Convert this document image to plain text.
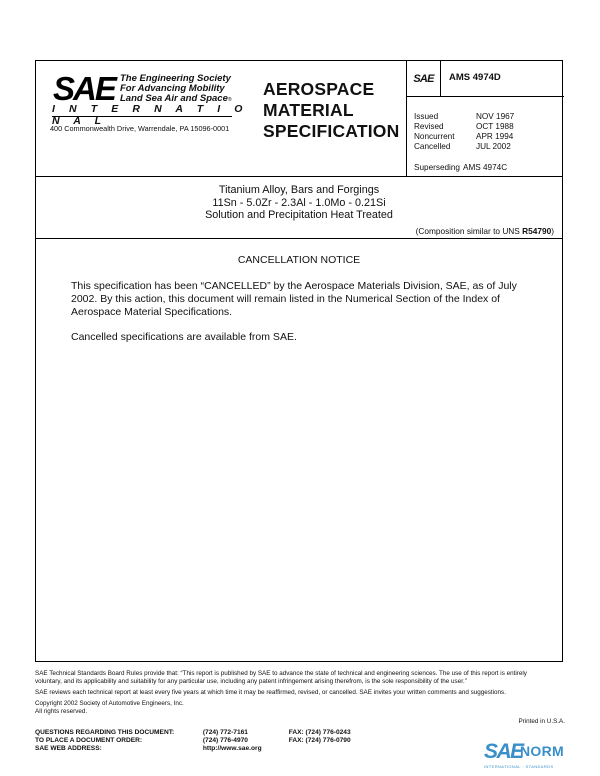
SAE The Engineering Society
For Advancing Mobility
Land Sea Air and Space®
I N T E R N A T I O N A L
400 Commonwealth Drive, Warrendale, PA 15096-0001
AEROSPACE
MATERIAL
SPECIFICATION
SAE	AMS 4974D
Issued	NOV 1967
Revised	OCT 1988
Noncurrent	APR 1994
Cancelled	JUL 2002
Superseding AMS 4974C
Titanium Alloy, Bars and Forgings
11Sn - 5.0Zr - 2.3Al - 1.0Mo - 0.21Si
Solution and Precipitation Heat Treated
(Composition similar to UNS R54790)
CANCELLATION NOTICE
This specification has been “CANCELLED” by the Aerospace Materials Division, SAE, as of July 2002. By this action, this document will remain listed in the Numerical Section of the Index of Aerospace Material Specifications.
Cancelled specifications are available from SAE.
SAE Technical Standards Board Rules provide that: “This report is published by SAE to advance the state of technical and engineering sciences. The use of this report is entirely
voluntary, and its applicability and suitability for any particular use, including any patent infringement arising therefrom, is the sole responsibility of the user.”
SAE reviews each technical report at least every five years at which time it may be reaffirmed, revised, or cancelled. SAE invites your written comments and suggestions.
Copyright 2002 Society of Automotive Engineers, Inc.
All rights reserved.
Printed in U.S.A.
QUESTIONS REGARDING THIS DOCUMENT:	(724) 772-7161	FAX: (724) 776-0243
TO PLACE A DOCUMENT ORDER:	(724) 776-4970	FAX: (724) 776-0790
SAE WEB ADDRESS:	http://www.sae.org	SAE
NORM
INTERNATIONAL · STANDARDS
